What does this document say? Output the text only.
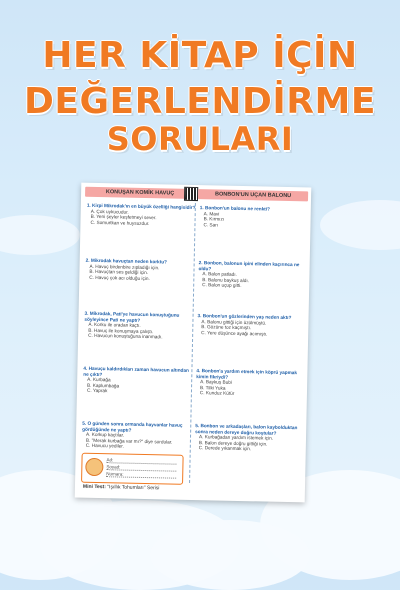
HER KİTAP İÇİN
DEĞERLENDİRME
SORULARI
KONUŞAN KOMİK HAVUÇ	BONBON'UN UÇAN BALONU
1. Kirpi Mikrodak'ın en büyük özelliği hangisidir?
A. Çok uykucudur.
B. Yeni şeyler keşfetmeyi sever.
C. Somurtkan ve huysuzdur.
2. Mikrodak havuçtan neden korktu?
A. Havuç birdenbire zıpladığı için.
B. Havuçtan ses geldiği için.
C. Havuç çok acı olduğu için.
3. Mikrodak, Pati'ye havucun konuştuğunu söyleyince Pati ne yaptı?
A. Korku ile oradan kaçtı.
B. Havuç ile konuşmaya çalıştı.
C. Havucun konuştuğuna inanmadı.
4. Havuçu kaldırdıkları zaman havucun altından ne çıktı?
A. Kurbağa
B. Kaplumbağa
C. Yaprak
5. O günden sonra ormanda hayvanlar havuç gördüğünde ne yaptı?
A. Korkup kaçtılar.
B. "Merak kurbağa var mı?" diye sordular.
C. Havucu yediler.
1. Bonbon'un balonu ne renkti?
A. Mavi
B. Kırmızı
C. Sarı
2. Bonbon, balonun ipini elinden kaçırınca ne oldu?
A. Balon patladı.
B. Balonu baykuş aldı.
C. Balon uçup gitti.
3. Bonbon'un gözlerinden yaş neden aktı?
A. Balonu gittiği için üzülmüştü.
B. Gözüne toz kaçmıştı.
C. Yere düşünce ayağı acımıştı.
4. Bonbon'a yardım etmek için köprü yapmak kimin fikriydi?
A. Baykuş Bubi
B. Tilki Yuka
C. Kunduz Kütür
5. Bonbon ve arkadaşları, balon kaybolduktan sonra neden dereye doğru koştular?
A. Kurbağadan yardım istemek için.
B. Balon dereye doğru gittiği için.
C. Derede yıkanmak için.
Ad:
Soyad:
Numara:
Mini Test: "Işıllık Tohumları" Serisi
